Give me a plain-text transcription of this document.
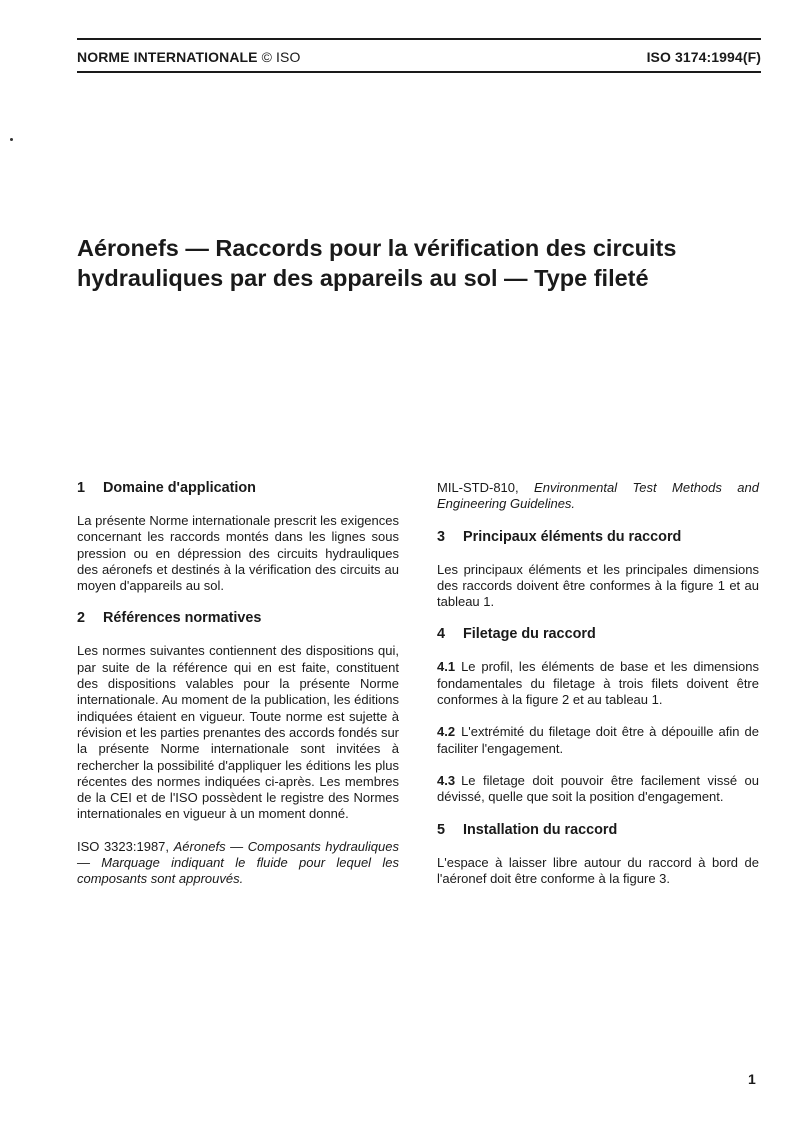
NORME INTERNATIONALE © ISO	ISO 3174:1994(F)
Aéronefs — Raccords pour la vérification des circuits
hydrauliques par des appareils au sol — Type fileté
1 Domaine d'application

La présente Norme internationale prescrit les exigences concernant les raccords montés dans les lignes sous pression ou en dépression des circuits hydrauliques des aéronefs et destinés à la vérification des circuits au moyen d'appareils au sol.

2 Références normatives

Les normes suivantes contiennent des dispositions qui, par suite de la référence qui en est faite, constituent des dispositions valables pour la présente Norme internationale. Au moment de la publication, les éditions indiquées étaient en vigueur. Toute norme est sujette à révision et les parties prenantes des accords fondés sur la présente Norme internationale sont invitées à rechercher la possibilité d'appliquer les éditions les plus récentes des normes indiquées ci-après. Les membres de la CEI et de l'ISO possèdent le registre des Normes internationales en vigueur à un moment donné.

ISO 3323:1987, Aéronefs — Composants hydrauliques — Marquage indiquant le fluide pour lequel les composants sont approuvés.

MIL-STD-810, Environmental Test Methods and Engineering Guidelines.

3 Principaux éléments du raccord

Les principaux éléments et les principales dimensions des raccords doivent être conformes à la figure 1 et au tableau 1.

4 Filetage du raccord

4.1 Le profil, les éléments de base et les dimensions fondamentales du filetage à trois filets doivent être conformes à la figure 2 et au tableau 1.

4.2 L'extrémité du filetage doit être à dépouille afin de faciliter l'engagement.

4.3 Le filetage doit pouvoir être facilement vissé ou dévissé, quelle que soit la position d'engagement.

5 Installation du raccord

L'espace à laisser libre autour du raccord à bord de l'aéronef doit être conforme à la figure 3.

1
